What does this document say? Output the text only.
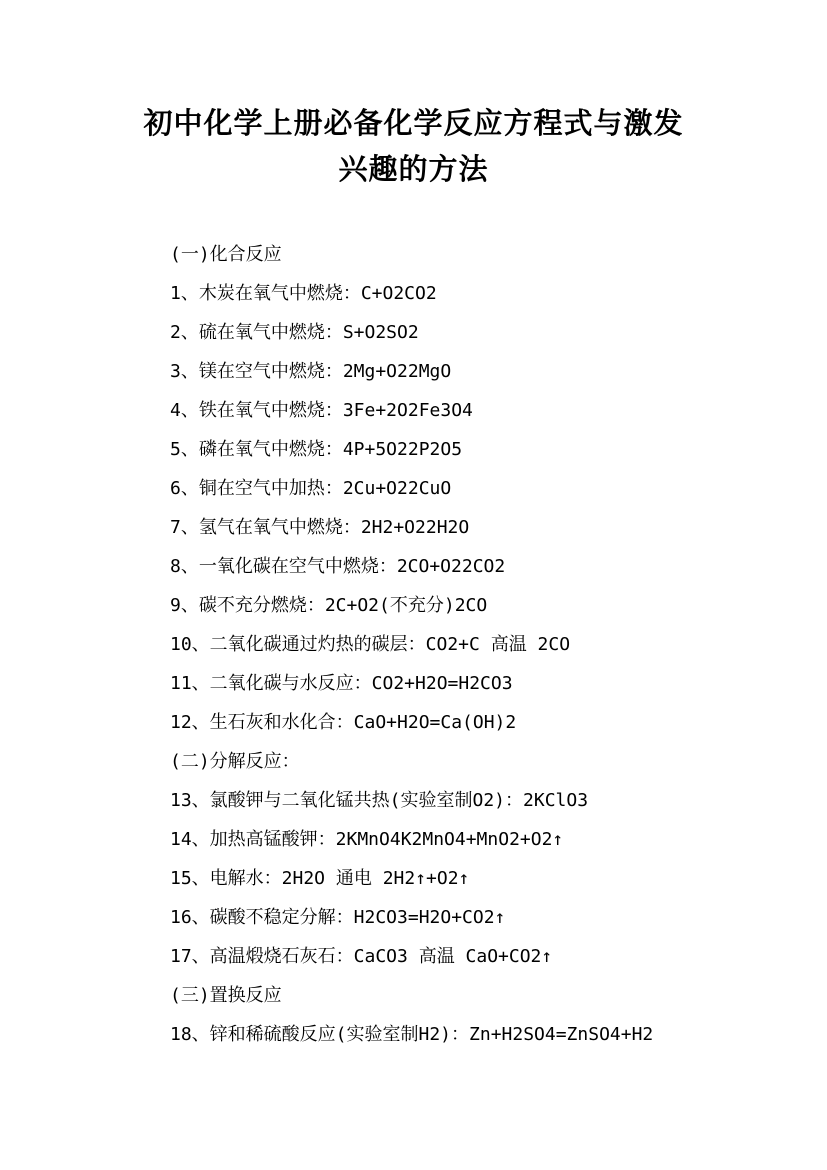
初中化学上册必备化学反应方程式与激发
兴趣的方法
(一)化合反应
1、木炭在氧气中燃烧：C+O2CO2
2、硫在氧气中燃烧：S+O2SO2
3、镁在空气中燃烧：2Mg+O22MgO
4、铁在氧气中燃烧：3Fe+2O2Fe3O4
5、磷在氧气中燃烧：4P+5O22P2O5
6、铜在空气中加热：2Cu+O22CuO
7、氢气在氧气中燃烧：2H2+O22H2O
8、一氧化碳在空气中燃烧：2CO+O22CO2
9、碳不充分燃烧：2C+O2(不充分)2CO
10、二氧化碳通过灼热的碳层：CO2+C 高温 2CO
11、二氧化碳与水反应：CO2+H2O=H2CO3
12、生石灰和水化合：CaO+H2O=Ca(OH)2
(二)分解反应：
13、氯酸钾与二氧化锰共热(实验室制O2)：2KClO3
14、加热高锰酸钾：2KMnO4K2MnO4+MnO2+O2↑
15、电解水：2H2O 通电 2H2↑+O2↑
16、碳酸不稳定分解：H2CO3=H2O+CO2↑
17、高温煅烧石灰石：CaCO3 高温 CaO+CO2↑
(三)置换反应
18、锌和稀硫酸反应(实验室制H2)：Zn+H2SO4=ZnSO4+H2
